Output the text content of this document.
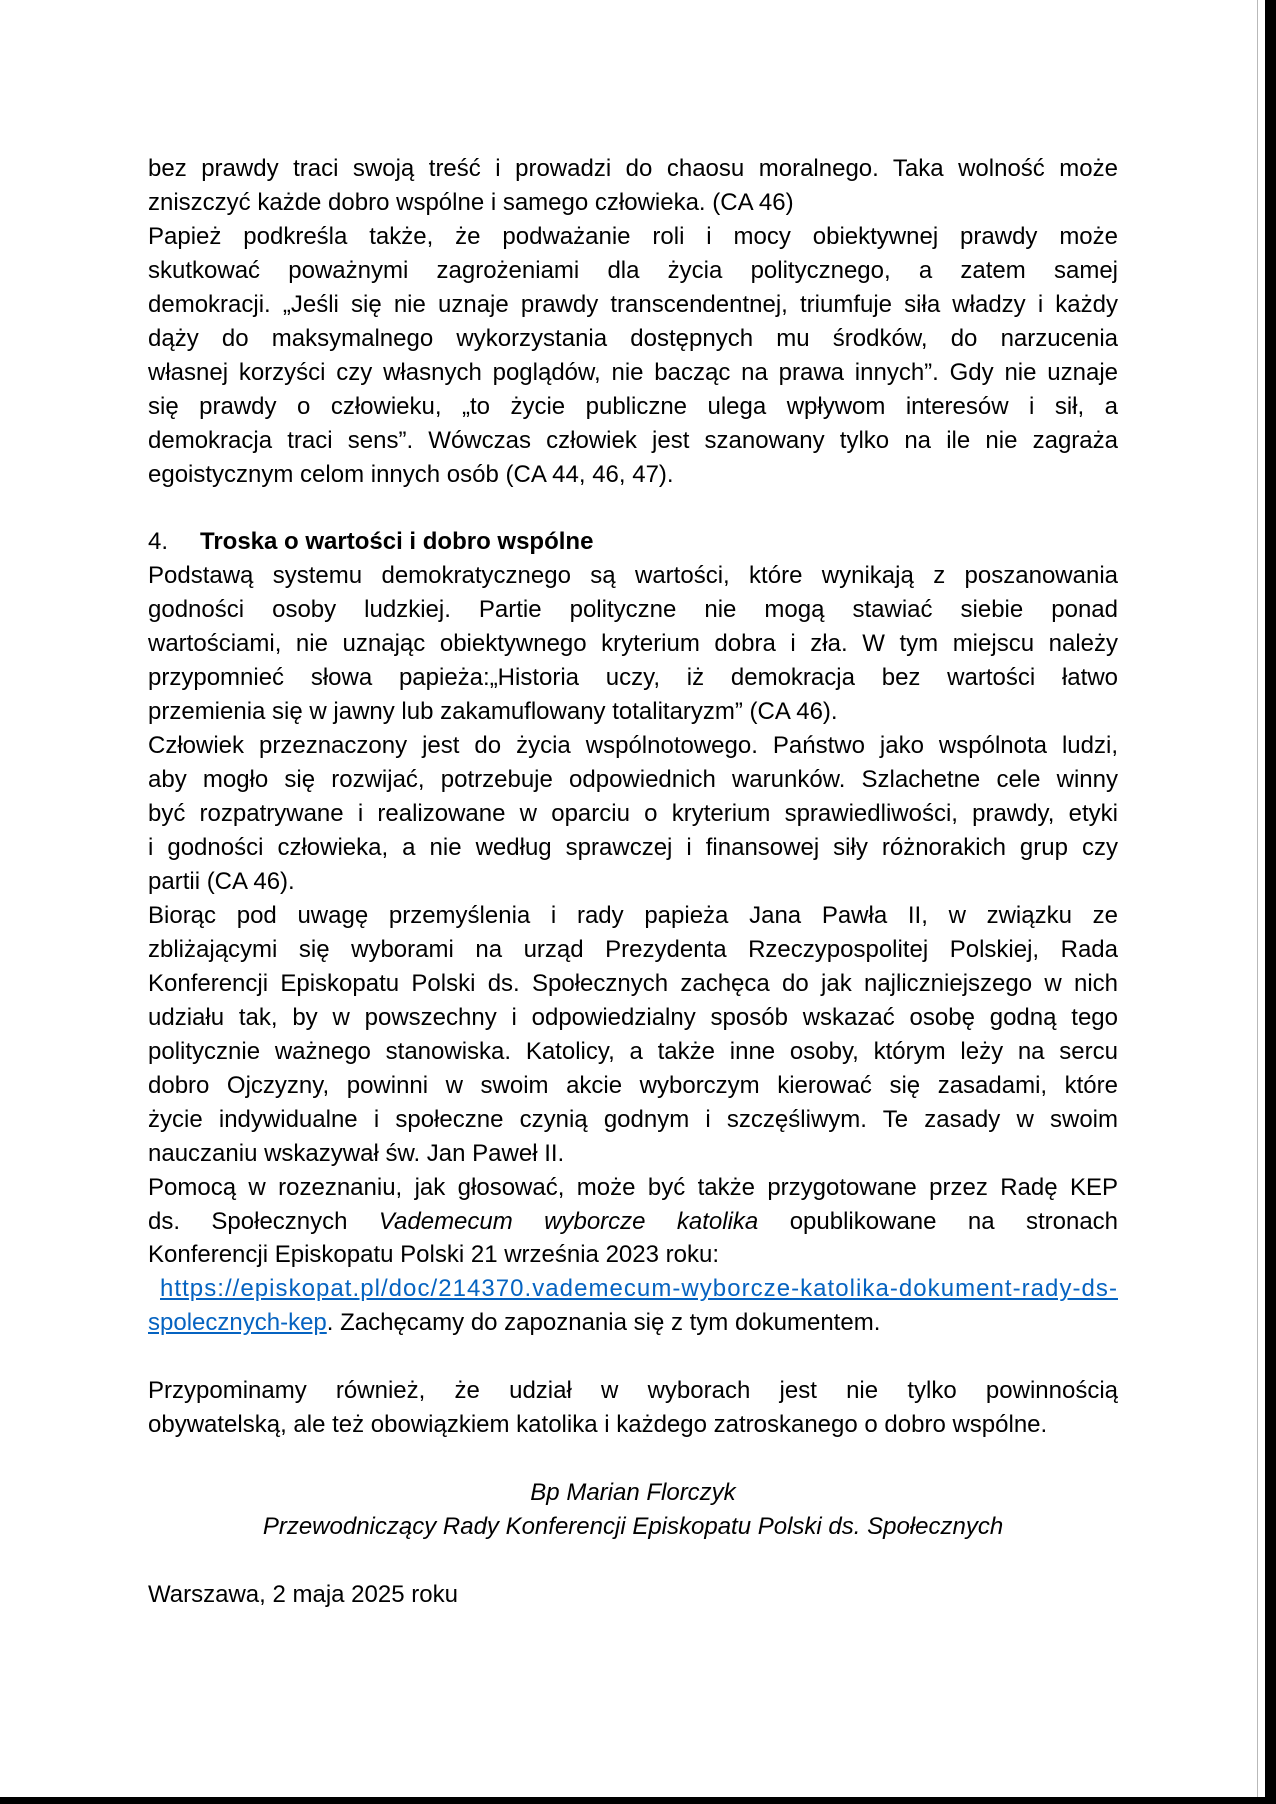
bez prawdy traci swoją treść i prowadzi do chaosu moralnego. Taka wolność może
zniszczyć każde dobro wspólne i samego człowieka. (CA 46)
Papież podkreśla także, że podważanie roli i mocy obiektywnej prawdy może
skutkować poważnymi zagrożeniami dla życia politycznego, a zatem samej
demokracji. „Jeśli się nie uznaje prawdy transcendentnej, triumfuje siła władzy i każdy
dąży do maksymalnego wykorzystania dostępnych mu środków, do narzucenia
własnej korzyści czy własnych poglądów, nie bacząc na prawa innych”. Gdy nie uznaje
się prawdy o człowieku, „to życie publiczne ulega wpływom interesów i sił, a
demokracja traci sens”. Wówczas człowiek jest szanowany tylko na ile nie zagraża
egoistycznym celom innych osób (CA 44, 46, 47).
4. Troska o wartości i dobro wspólne
Podstawą systemu demokratycznego są wartości, które wynikają z poszanowania
godności osoby ludzkiej. Partie polityczne nie mogą stawiać siebie ponad
wartościami, nie uznając obiektywnego kryterium dobra i zła. W tym miejscu należy
przypomnieć słowa papieża:„Historia uczy, iż demokracja bez wartości łatwo
przemienia się w jawny lub zakamuflowany totalitaryzm” (CA 46).
Człowiek przeznaczony jest do życia wspólnotowego. Państwo jako wspólnota ludzi,
aby mogło się rozwijać, potrzebuje odpowiednich warunków. Szlachetne cele winny
być rozpatrywane i realizowane w oparciu o kryterium sprawiedliwości, prawdy, etyki
i godności człowieka, a nie według sprawczej i finansowej siły różnorakich grup czy
partii (CA 46).
Biorąc pod uwagę przemyślenia i rady papieża Jana Pawła II, w związku ze
zbliżającymi się wyborami na urząd Prezydenta Rzeczypospolitej Polskiej, Rada
Konferencji Episkopatu Polski ds. Społecznych zachęca do jak najliczniejszego w nich
udziału tak, by w powszechny i odpowiedzialny sposób wskazać osobę godną tego
politycznie ważnego stanowiska. Katolicy, a także inne osoby, którym leży na sercu
dobro Ojczyzny, powinni w swoim akcie wyborczym kierować się zasadami, które
życie indywidualne i społeczne czynią godnym i szczęśliwym. Te zasady w swoim
nauczaniu wskazywał św. Jan Paweł II.
Pomocą w rozeznaniu, jak głosować, może być także przygotowane przez Radę KEP
ds. Społecznych Vademecum wyborcze katolika opublikowane na stronach
Konferencji Episkopatu Polski 21 września 2023 roku:
https://episkopat.pl/doc/214370.vademecum-wyborcze-katolika-dokument-rady-ds-
spolecznych-kep. Zachęcamy do zapoznania się z tym dokumentem.
Przypominamy również, że udział w wyborach jest nie tylko powinnością
obywatelską, ale też obowiązkiem katolika i każdego zatroskanego o dobro wspólne.
Bp Marian Florczyk
Przewodniczący Rady Konferencji Episkopatu Polski ds. Społecznych
Warszawa, 2 maja 2025 roku
